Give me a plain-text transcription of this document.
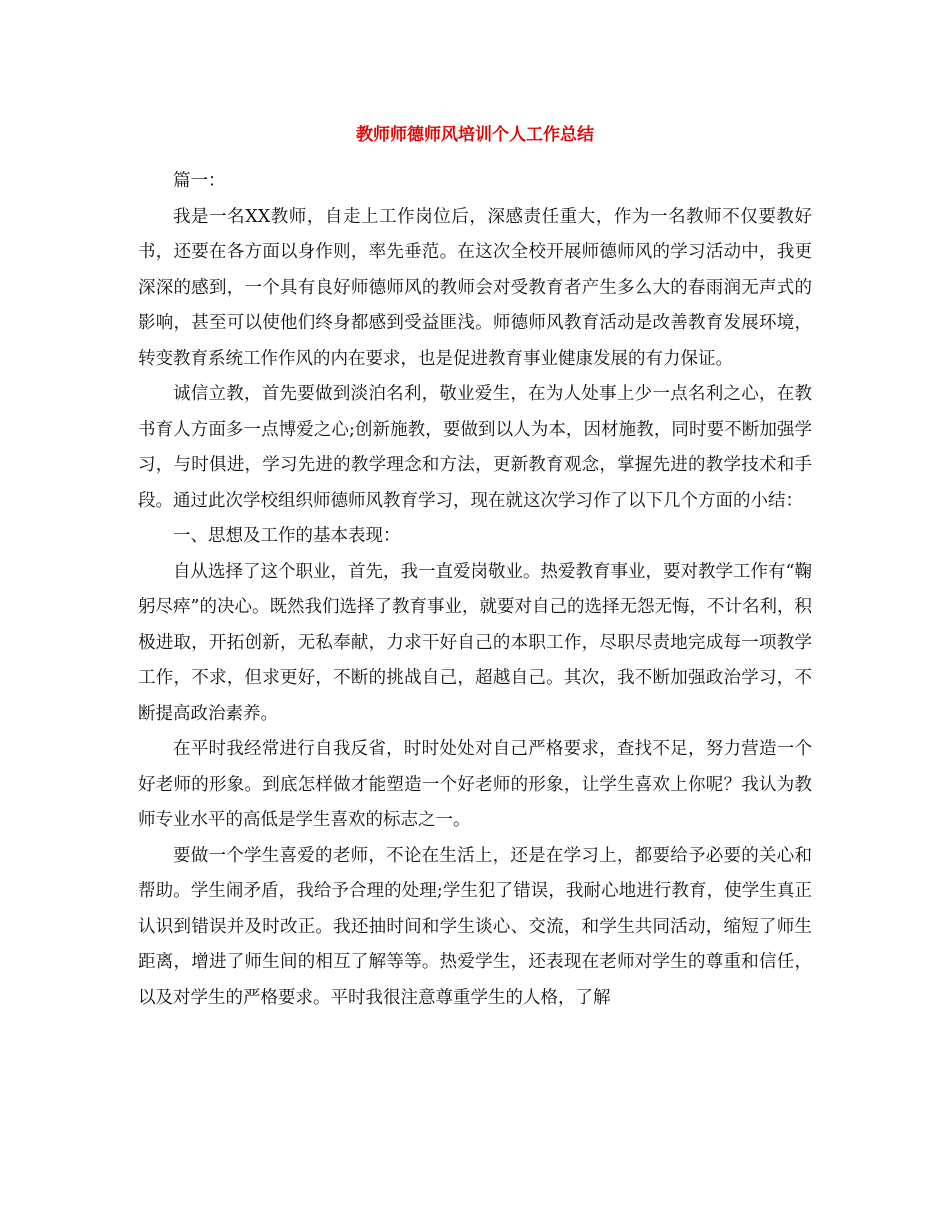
教师师德师风培训个人工作总结

篇一：

我是一名XX教师，自走上工作岗位后，深感责任重大，作为一名教师不仅要教好书，还要在各方面以身作则，率先垂范。在这次全校开展师德师风的学习活动中，我更深深的感到，一个具有良好师德师风的教师会对受教育者产生多么大的春雨润无声式的影响，甚至可以使他们终身都感到受益匪浅。师德师风教育活动是改善教育发展环境，转变教育系统工作作风的内在要求，也是促进教育事业健康发展的有力保证。

诚信立教，首先要做到淡泊名利，敬业爱生，在为人处事上少一点名利之心，在教书育人方面多一点博爱之心;创新施教，要做到以人为本，因材施教，同时要不断加强学习，与时俱进，学习先进的教学理念和方法，更新教育观念，掌握先进的教学技术和手段。通过此次学校组织师德师风教育学习，现在就这次学习作了以下几个方面的小结：

一、思想及工作的基本表现：

自从选择了这个职业，首先，我一直爱岗敬业。热爱教育事业，要对教学工作有“鞠躬尽瘁”的决心。既然我们选择了教育事业，就要对自己的选择无怨无悔，不计名利，积极进取，开拓创新，无私奉献，力求干好自己的本职工作，尽职尽责地完成每一项教学工作，不求，但求更好，不断的挑战自己，超越自己。其次，我不断加强政治学习，不断提高政治素养。

在平时我经常进行自我反省，时时处处对自己严格要求，查找不足，努力营造一个好老师的形象。到底怎样做才能塑造一个好老师的形象，让学生喜欢上你呢？我认为教师专业水平的高低是学生喜欢的标志之一。

要做一个学生喜爱的老师，不论在生活上，还是在学习上，都要给予必要的关心和帮助。学生闹矛盾，我给予合理的处理;学生犯了错误，我耐心地进行教育，使学生真正认识到错误并及时改正。我还抽时间和学生谈心、交流，和学生共同活动，缩短了师生距离，增进了师生间的相互了解等等。热爱学生，还表现在老师对学生的尊重和信任，以及对学生的严格要求。平时我很注意尊重学生的人格，了解
